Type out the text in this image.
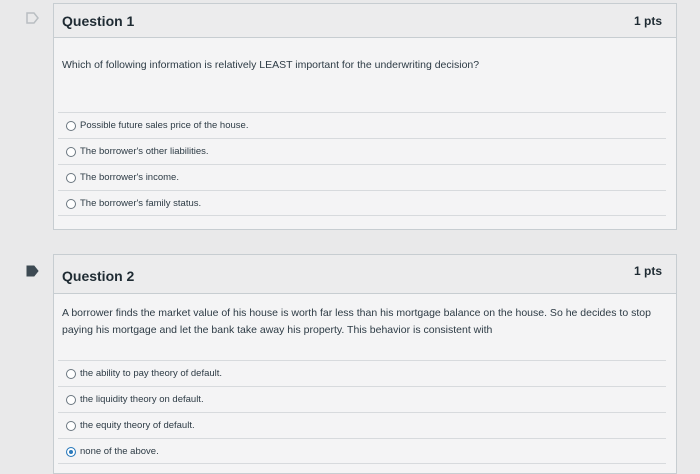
Question 1	1 pts
Which of following information is relatively LEAST important for the underwriting decision?
Possible future sales price of the house.
The borrower's other liabilities.
The borrower's income.
The borrower's family status.
Question 2	1 pts
A borrower finds the market value of his house is worth far less than his mortgage balance on the house. So he decides to stop paying his mortgage and let the bank take away his property. This behavior is consistent with
the ability to pay theory of default.
the liquidity theory on default.
the equity theory of default.
none of the above.
